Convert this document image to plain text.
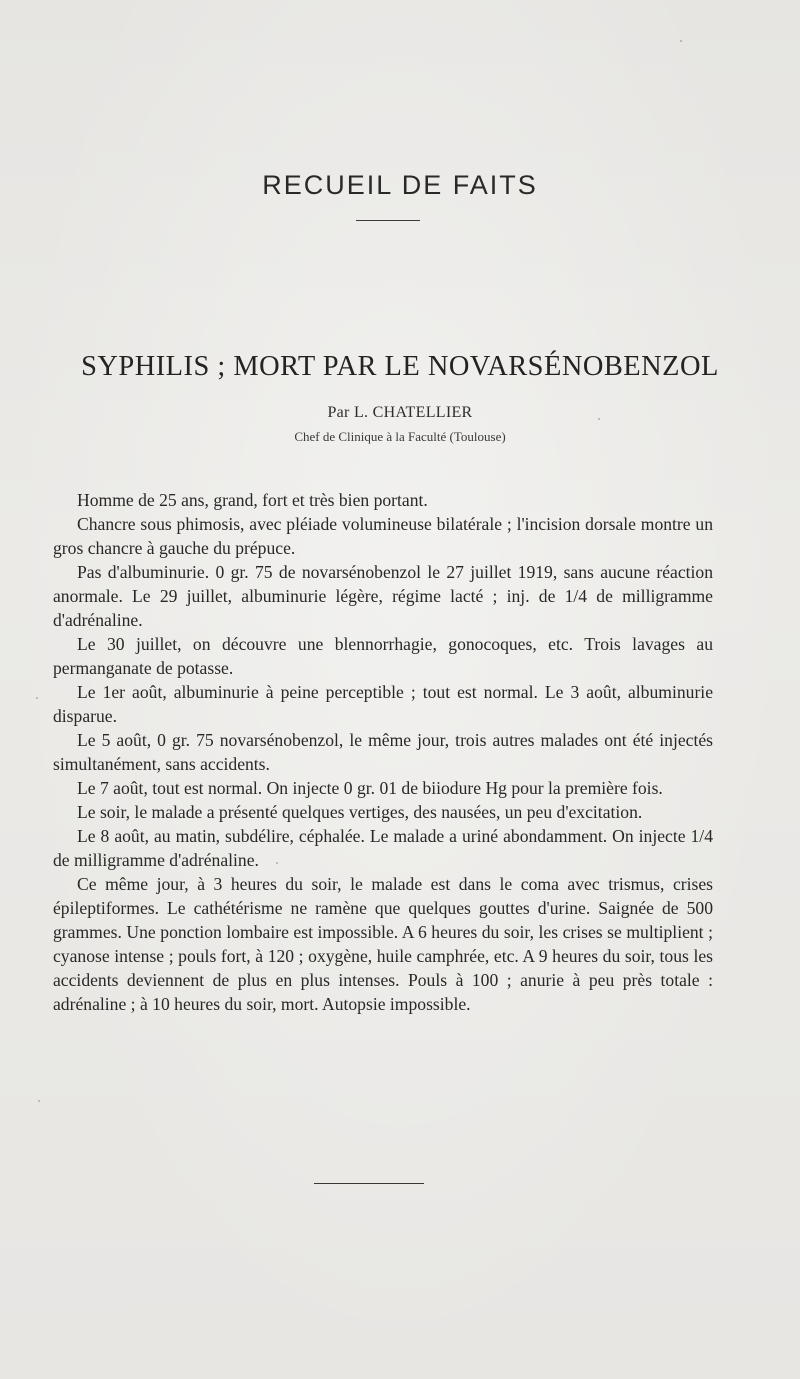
RECUEIL DE FAITS
SYPHILIS ; MORT PAR LE NOVARSÉNOBENZOL
Par L. CHATELLIER
Chef de Clinique à la Faculté (Toulouse)

Homme de 25 ans, grand, fort et très bien portant.

Chancre sous phimosis, avec pléiade volumineuse bilatérale ; l'incision dorsale montre un gros chancre à gauche du prépuce.

Pas d'albuminurie. 0 gr. 75 de novarsénobenzol le 27 juillet 1919, sans aucune réaction anormale. Le 29 juillet, albuminurie légère, régime lacté ; inj. de 1/4 de milligramme d'adrénaline.

Le 30 juillet, on découvre une blennorrhagie, gonocoques, etc. Trois lavages au permanganate de potasse.

Le 1er août, albuminurie à peine perceptible ; tout est normal. Le 3 août, albuminurie disparue.

Le 5 août, 0 gr. 75 novarsénobenzol, le même jour, trois autres malades ont été injectés simultanément, sans accidents.

Le 7 août, tout est normal. On injecte 0 gr. 01 de biiodure Hg pour la première fois.

Le soir, le malade a présenté quelques vertiges, des nausées, un peu d'excitation.

Le 8 août, au matin, subdélire, céphalée. Le malade a uriné abondamment. On injecte 1/4 de milligramme d'adrénaline.

Ce même jour, à 3 heures du soir, le malade est dans le coma avec trismus, crises épileptiformes. Le cathétérisme ne ramène que quelques gouttes d'urine. Saignée de 500 grammes. Une ponction lombaire est impossible. A 6 heures du soir, les crises se multiplient ; cyanose intense ; pouls fort, à 120 ; oxygène, huile camphrée, etc. A 9 heures du soir, tous les accidents deviennent de plus en plus intenses. Pouls à 100 ; anurie à peu près totale : adrénaline ; à 10 heures du soir, mort. Autopsie impossible.
